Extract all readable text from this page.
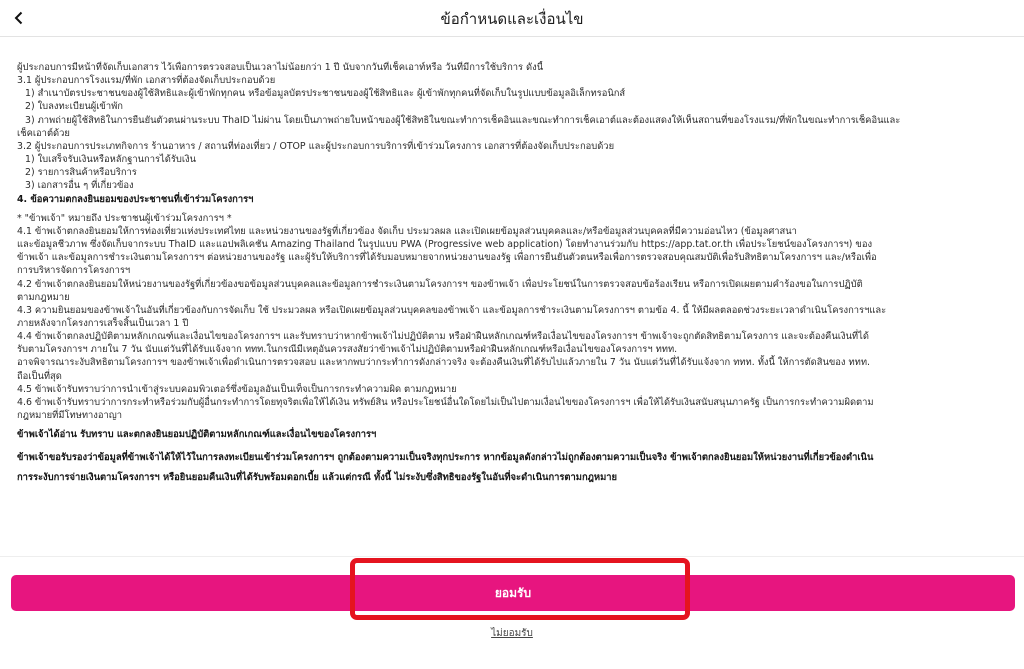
ข้อกำหนดและเงื่อนไข
ผู้ประกอบการมีหน้าที่จัดเก็บเอกสาร ไว้เพื่อการตรวจสอบเป็นเวลาไม่น้อยกว่า 1 ปี นับจากวันที่เช็คเอาท์หรือ วันที่มีการใช้บริการ ดังนี้
3.1 ผู้ประกอบการโรงแรม/ที่พัก เอกสารที่ต้องจัดเก็บประกอบด้วย
1) สำเนาบัตรประชาชนของผู้ใช้สิทธิและผู้เข้าพักทุกคน หรือข้อมูลบัตรประชาชนของผู้ใช้สิทธิและ ผู้เข้าพักทุกคนที่จัดเก็บในรูปแบบข้อมูลอิเล็กทรอนิกส์
2) ใบลงทะเบียนผู้เข้าพัก
3) ภาพถ่ายผู้ใช้สิทธิในการยืนยันตัวตนผ่านระบบ ThaID ไม่ผ่าน โดยเป็นภาพถ่ายใบหน้าของผู้ใช้สิทธิในขณะทำการเช็คอินและขณะทำการเช็คเอาต์และต้องแสดงให้เห็นสถานที่ของโรงแรม/ที่พักในขณะทำการเช็คอินและ
เช็คเอาต์ด้วย
3.2 ผู้ประกอบการประเภทกิจการ ร้านอาหาร / สถานที่ท่องเที่ยว / OTOP และผู้ประกอบการบริการที่เข้าร่วมโครงการ เอกสารที่ต้องจัดเก็บประกอบด้วย
1) ใบเสร็จรับเงินหรือหลักฐานการได้รับเงิน
2) รายการสินค้าหรือบริการ
3) เอกสารอื่น ๆ ที่เกี่ยวข้อง
4. ข้อความตกลงยินยอมของประชาชนที่เข้าร่วมโครงการฯ
* "ข้าพเจ้า" หมายถึง ประชาชนผู้เข้าร่วมโครงการฯ *
4.1 ข้าพเจ้าตกลงยินยอมให้การท่องเที่ยวแห่งประเทศไทย และหน่วยงานของรัฐที่เกี่ยวข้อง จัดเก็บ ประมวลผล และเปิดเผยข้อมูลส่วนบุคคลและ/หรือข้อมูลส่วนบุคคลที่มีความอ่อนไหว (ข้อมูลศาสนา
และข้อมูลชีวภาพ ซึ่งจัดเก็บจากระบบ ThaID และแอปพลิเคชัน Amazing Thailand ในรูปแบบ PWA (Progressive web application) โดยทำงานร่วมกับ https://app.tat.or.th เพื่อประโยชน์ของโครงการฯ) ของ
ข้าพเจ้า และข้อมูลการชำระเงินตามโครงการฯ ต่อหน่วยงานของรัฐ และผู้รับให้บริการที่ได้รับมอบหมายจากหน่วยงานของรัฐ เพื่อการยืนยันตัวตนหรือเพื่อการตรวจสอบคุณสมบัติเพื่อรับสิทธิตามโครงการฯ และ/หรือเพื่อ
การบริหารจัดการโครงการฯ
4.2 ข้าพเจ้าตกลงยินยอมให้หน่วยงานของรัฐที่เกี่ยวข้องขอข้อมูลส่วนบุคคลและข้อมูลการชำระเงินตามโครงการฯ ของข้าพเจ้า เพื่อประโยชน์ในการตรวจสอบข้อร้องเรียน หรือการเปิดเผยตามคำร้องขอในการปฏิบัติ
ตามกฎหมาย
4.3 ความยินยอมของข้าพเจ้าในอันที่เกี่ยวข้องกับการจัดเก็บ ใช้ ประมวลผล หรือเปิดเผยข้อมูลส่วนบุคคลของข้าพเจ้า และข้อมูลการชำระเงินตามโครงการฯ ตามข้อ 4. นี้ ให้มีผลตลอดช่วงระยะเวลาดำเนินโครงการฯและ
ภายหลังจากโครงการเสร็จสิ้นเป็นเวลา 1 ปี
4.4 ข้าพเจ้าตกลงปฏิบัติตามหลักเกณฑ์และเงื่อนไขของโครงการฯ และรับทราบว่าหากข้าพเจ้าไม่ปฏิบัติตาม หรือฝ่าฝืนหลักเกณฑ์หรือเงื่อนไขของโครงการฯ ข้าพเจ้าจะถูกตัดสิทธิตามโครงการ และจะต้องคืนเงินที่ได้
รับตามโครงการฯ ภายใน 7 วัน นับแต่วันที่ได้รับแจ้งจาก ททท.ในกรณีมีเหตุอันควรสงสัยว่าข้าพเจ้าไม่ปฏิบัติตามหรือฝ่าฝืนหลักเกณฑ์หรือเงื่อนไขของโครงการฯ ททท.
อาจพิจารณาระงับสิทธิตามโครงการฯ ของข้าพเจ้าเพื่อดำเนินการตรวจสอบ และหากพบว่ากระทำการดังกล่าวจริง จะต้องคืนเงินที่ได้รับไปแล้วภายใน 7 วัน นับแต่วันที่ได้รับแจ้งจาก ททท. ทั้งนี้ ให้การตัดสินของ ททท.
ถือเป็นที่สุด
4.5 ข้าพเจ้ารับทราบว่าการนำเข้าสู่ระบบคอมพิวเตอร์ซึ่งข้อมูลอันเป็นเท็จเป็นการกระทำความผิด ตามกฎหมาย
4.6 ข้าพเจ้ารับทราบว่าการกระทำหรือร่วมกับผู้อื่นกระทำการโดยทุจริตเพื่อให้ได้เงิน ทรัพย์สิน หรือประโยชน์อื่นใดโดยไม่เป็นไปตามเงื่อนไขของโครงการฯ เพื่อให้ได้รับเงินสนับสนุนภาครัฐ เป็นการกระทำความผิดตาม
กฎหมายที่มีโทษทางอาญา
ข้าพเจ้าได้อ่าน รับทราบ และตกลงยินยอมปฏิบัติตามหลักเกณฑ์และเงื่อนไขของโครงการฯ
ข้าพเจ้าขอรับรองว่าข้อมูลที่ข้าพเจ้าได้ให้ไว้ในการลงทะเบียนเข้าร่วมโครงการฯ ถูกต้องตามความเป็นจริงทุกประการ หากข้อมูลดังกล่าวไม่ถูกต้องตามความเป็นจริง ข้าพเจ้าตกลงยินยอมให้หน่วยงานที่เกี่ยวข้องดำเนิน
การระงับการจ่ายเงินตามโครงการฯ หรือยินยอมคืนเงินที่ได้รับพร้อมดอกเบี้ย แล้วแต่กรณี ทั้งนี้ ไม่ระงับซึ่งสิทธิของรัฐในอันที่จะดำเนินการตามกฎหมาย
ยอมรับ
ไม่ยอมรับ
